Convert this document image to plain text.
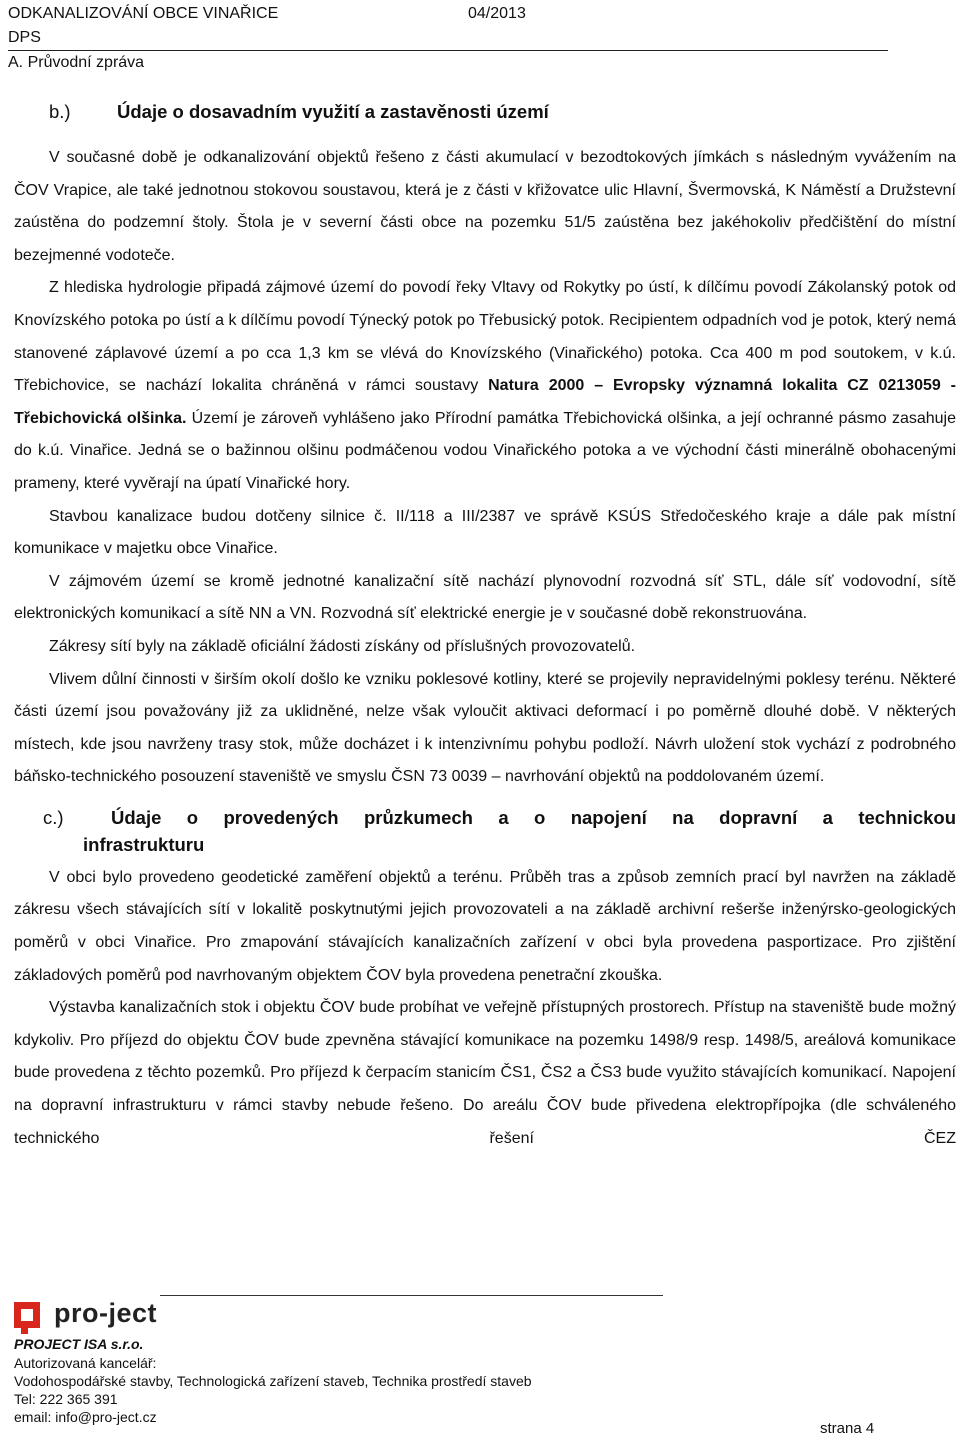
ODKANALIZOVÁNÍ OBCE VINAŘICE	04/2013
DPS
A. Průvodní zpráva
b.)	Údaje o dosavadním využití a zastavěnosti území

V současné době je odkanalizování objektů řešeno z části akumulací v bezodtokových jímkách s následným vyvážením na ČOV Vrapice, ale také jednotnou stokovou soustavou, která je z části v křižovatce ulic Hlavní, Švermovská, K Náměstí a Družstevní zaústěna do podzemní štoly. Štola je v severní části obce na pozemku 51/5 zaústěna bez jakéhokoliv předčištění do místní bezejmenné vodoteče.

Z hlediska hydrologie připadá zájmové území do povodí řeky Vltavy od Rokytky po ústí, k dílčímu povodí Zákolanský potok od Knovízského potoka po ústí a k dílčímu povodí Týnecký potok po Třebusický potok. Recipientem odpadních vod je potok, který nemá stanovené záplavové území a po cca 1,3 km se vlévá do Knovízského (Vinařického) potoka. Cca 400 m pod soutokem, v k.ú. Třebichovice, se nachází lokalita chráněná v rámci soustavy Natura 2000 – Evropsky významná lokalita CZ 0213059 - Třebichovická olšinka. Území je zároveň vyhlášeno jako Přírodní památka Třebichovická olšinka, a její ochranné pásmo zasahuje do k.ú. Vinařice. Jedná se o bažinnou olšinu podmáčenou vodou Vinařického potoka a ve východní části minerálně obohacenými prameny, které vyvěrají na úpatí Vinařické hory.

Stavbou kanalizace budou dotčeny silnice č. II/118 a III/2387 ve správě KSÚS Středočeského kraje a dále pak místní komunikace v majetku obce Vinařice.

V zájmovém území se kromě jednotné kanalizační sítě nachází plynovodní rozvodná síť STL, dále síť vodovodní, sítě elektronických komunikací a sítě NN a VN. Rozvodná síť elektrické energie je v současné době rekonstruována.

Zákresy sítí byly na základě oficiální žádosti získány od příslušných provozovatelů.

Vlivem důlní činnosti v širším okolí došlo ke vzniku poklesové kotliny, které se projevily nepravidelnými poklesy terénu. Některé části území jsou považovány již za uklidněné, nelze však vyloučit aktivaci deformací i po poměrně dlouhé době. V některých místech, kde jsou navrženy trasy stok, může docházet i k intenzivnímu pohybu podloží. Návrh uložení stok vychází z podrobného báňsko-technického posouzení staveniště ve smyslu ČSN 73 0039 – navrhování objektů na poddolovaném území.

c.)	Údaje o provedených průzkumech a o napojení na dopravní a technickou
infrastrukturu

V obci bylo provedeno geodetické zaměření objektů a terénu. Průběh tras a způsob zemních prací byl navržen na základě zákresu všech stávajících sítí v lokalitě poskytnutými jejich provozovateli a na základě archivní rešerše inženýrsko-geologických poměrů v obci Vinařice. Pro zmapování stávajících kanalizačních zařízení v obci byla provedena pasportizace. Pro zjištění základových poměrů pod navrhovaným objektem ČOV byla provedena penetrační zkouška.

Výstavba kanalizačních stok i objektu ČOV bude probíhat ve veřejně přístupných prostorech. Přístup na staveniště bude možný kdykoliv. Pro příjezd do objektu ČOV bude zpevněna stávající komunikace na pozemku 1498/9 resp. 1498/5, areálová komunikace bude provedena z těchto pozemků. Pro příjezd k čerpacím stanicím ČS1, ČS2 a ČS3 bude využito stávajících komunikací. Napojení na dopravní infrastrukturu v rámci stavby nebude řešeno. Do areálu ČOV bude přivedena elektropřípojka (dle schváleného technického řešení ČEZ

pro-ject
PROJECT ISA s.r.o.
Autorizovaná kancelář:
Vodohospodářské stavby, Technologická zařízení staveb, Technika prostředí staveb
Tel: 222 365 391
email: info@pro-ject.cz
strana 4
